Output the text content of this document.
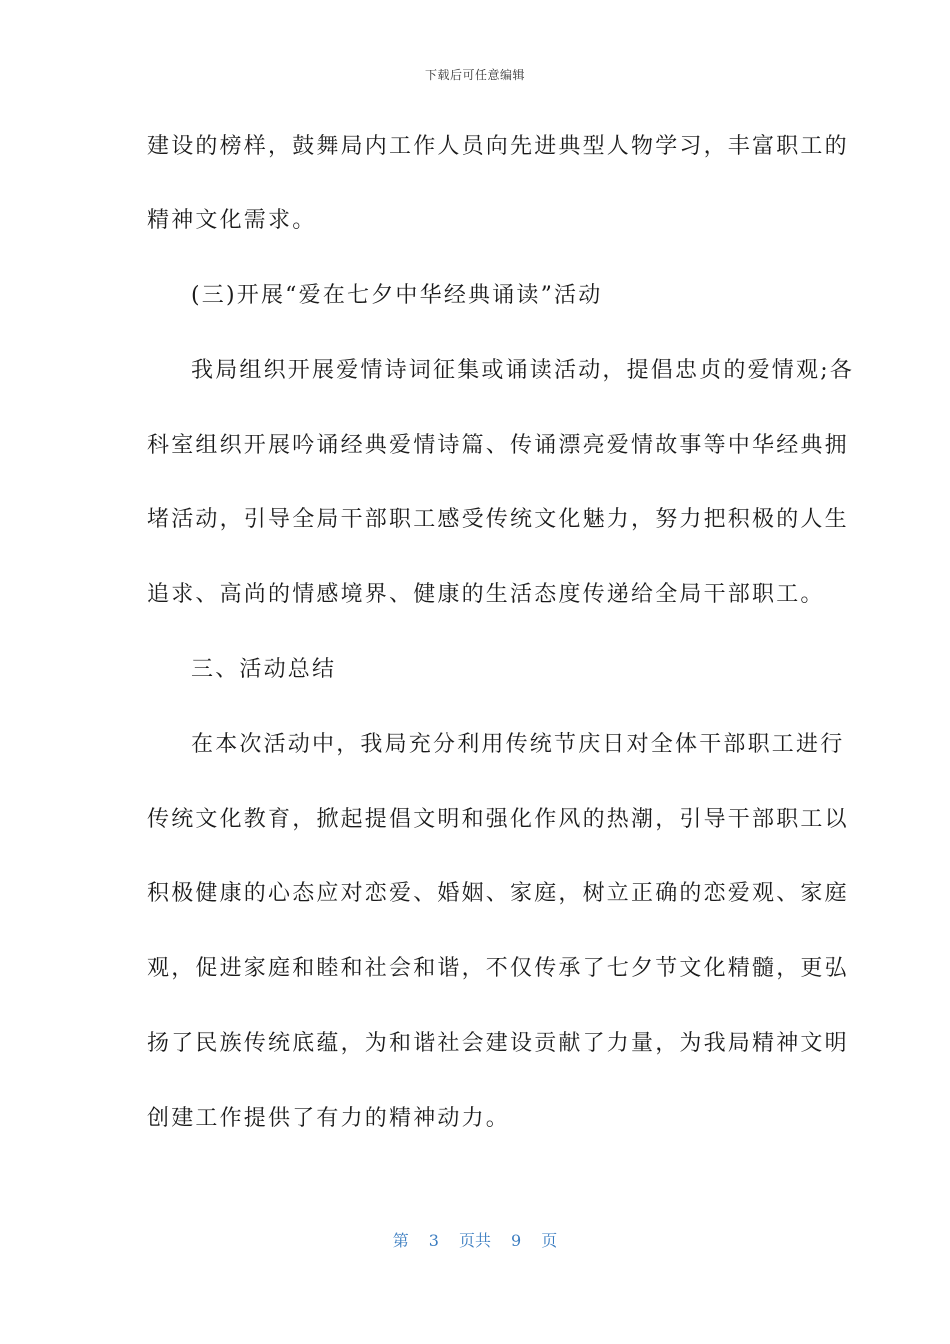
下载后可任意编辑
建设的榜样，鼓舞局内工作人员向先进典型人物学习，丰富职工的
精神文化需求。
(三)开展“爱在七夕中华经典诵读”活动
我局组织开展爱情诗词征集或诵读活动，提倡忠贞的爱情观;各
科室组织开展吟诵经典爱情诗篇、传诵漂亮爱情故事等中华经典拥
堵活动，引导全局干部职工感受传统文化魅力，努力把积极的人生
追求、高尚的情感境界、健康的生活态度传递给全局干部职工。
三、活动总结
在本次活动中，我局充分利用传统节庆日对全体干部职工进行
传统文化教育，掀起提倡文明和强化作风的热潮，引导干部职工以
积极健康的心态应对恋爱、婚姻、家庭，树立正确的恋爱观、家庭
观，促进家庭和睦和社会和谐，不仅传承了七夕节文化精髓，更弘
扬了民族传统底蕴，为和谐社会建设贡献了力量，为我局精神文明
创建工作提供了有力的精神动力。
第 3 页共 9 页
